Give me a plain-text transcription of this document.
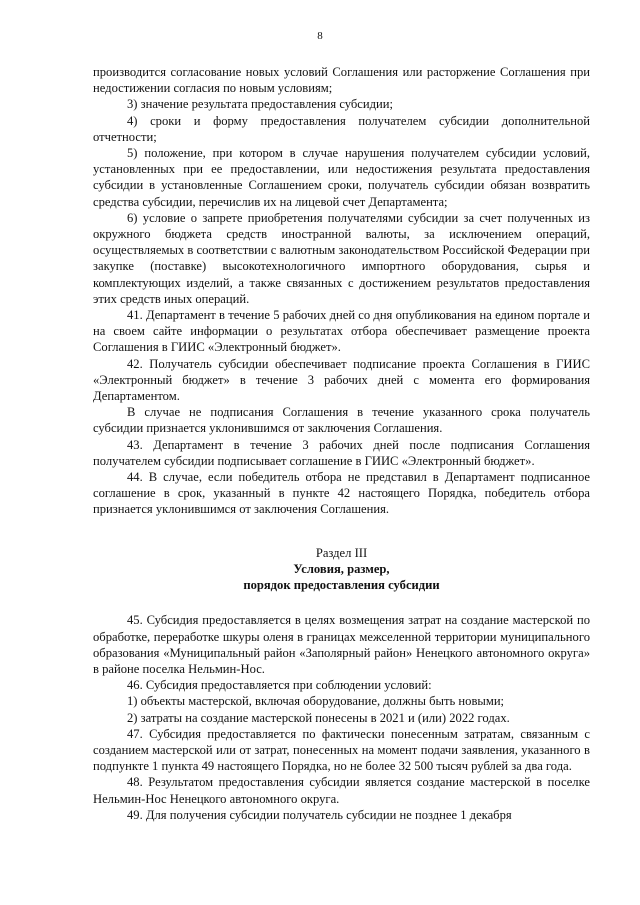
8

производится согласование новых условий Соглашения или расторжение Соглашения при недостижении согласия по новым условиям;

3) значение результата предоставления субсидии;

4) сроки и форму предоставления получателем субсидии дополнительной отчетности;

5) положение, при котором в случае нарушения получателем субсидии условий, установленных при ее предоставлении, или недостижения результата предоставления субсидии в установленные Соглашением сроки, получатель субсидии обязан возвратить средства субсидии, перечислив их на лицевой счет Департамента;

6) условие о запрете приобретения получателями субсидии за счет полученных из окружного бюджета средств иностранной валюты, за исключением операций, осуществляемых в соответствии с валютным законодательством Российской Федерации при закупке (поставке) высокотехнологичного импортного оборудования, сырья и комплектующих изделий, а также связанных с достижением результатов предоставления этих средств иных операций.

41. Департамент в течение 5 рабочих дней со дня опубликования на едином портале и на своем сайте информации о результатах отбора обеспечивает размещение проекта Соглашения в ГИИС «Электронный бюджет».

42. Получатель субсидии обеспечивает подписание проекта Соглашения в ГИИС «Электронный бюджет» в течение 3 рабочих дней с момента его формирования Департаментом.

В случае не подписания Соглашения в течение указанного срока получатель субсидии признается уклонившимся от заключения Соглашения.

43. Департамент в течение 3 рабочих дней после подписания Соглашения получателем субсидии подписывает соглашение в ГИИС «Электронный бюджет».

44. В случае, если победитель отбора не представил в Департамент подписанное соглашение в срок, указанный в пункте 42 настоящего Порядка, победитель отбора признается уклонившимся от заключения Соглашения.

Раздел III

Условия, размер,

порядок предоставления субсидии

45. Субсидия предоставляется в целях возмещения затрат на создание мастерской по обработке, переработке шкуры оленя в границах межселенной территории муниципального образования «Муниципальный район «Заполярный район» Ненецкого автономного округа» в районе поселка Нельмин-Нос.

46. Субсидия предоставляется при соблюдении условий:

1) объекты мастерской, включая оборудование, должны быть новыми;

2) затраты на создание мастерской понесены в 2021 и (или) 2022 годах.

47. Субсидия предоставляется по фактически понесенным затратам, связанным с созданием мастерской или от затрат, понесенных на момент подачи заявления, указанного в подпункте 1 пункта 49 настоящего Порядка, но не более 32 500 тысяч рублей за два года.

48. Результатом предоставления субсидии является создание мастерской в поселке Нельмин-Нос Ненецкого автономного округа.

49. Для получения субсидии получатель субсидии не позднее 1 декабря
